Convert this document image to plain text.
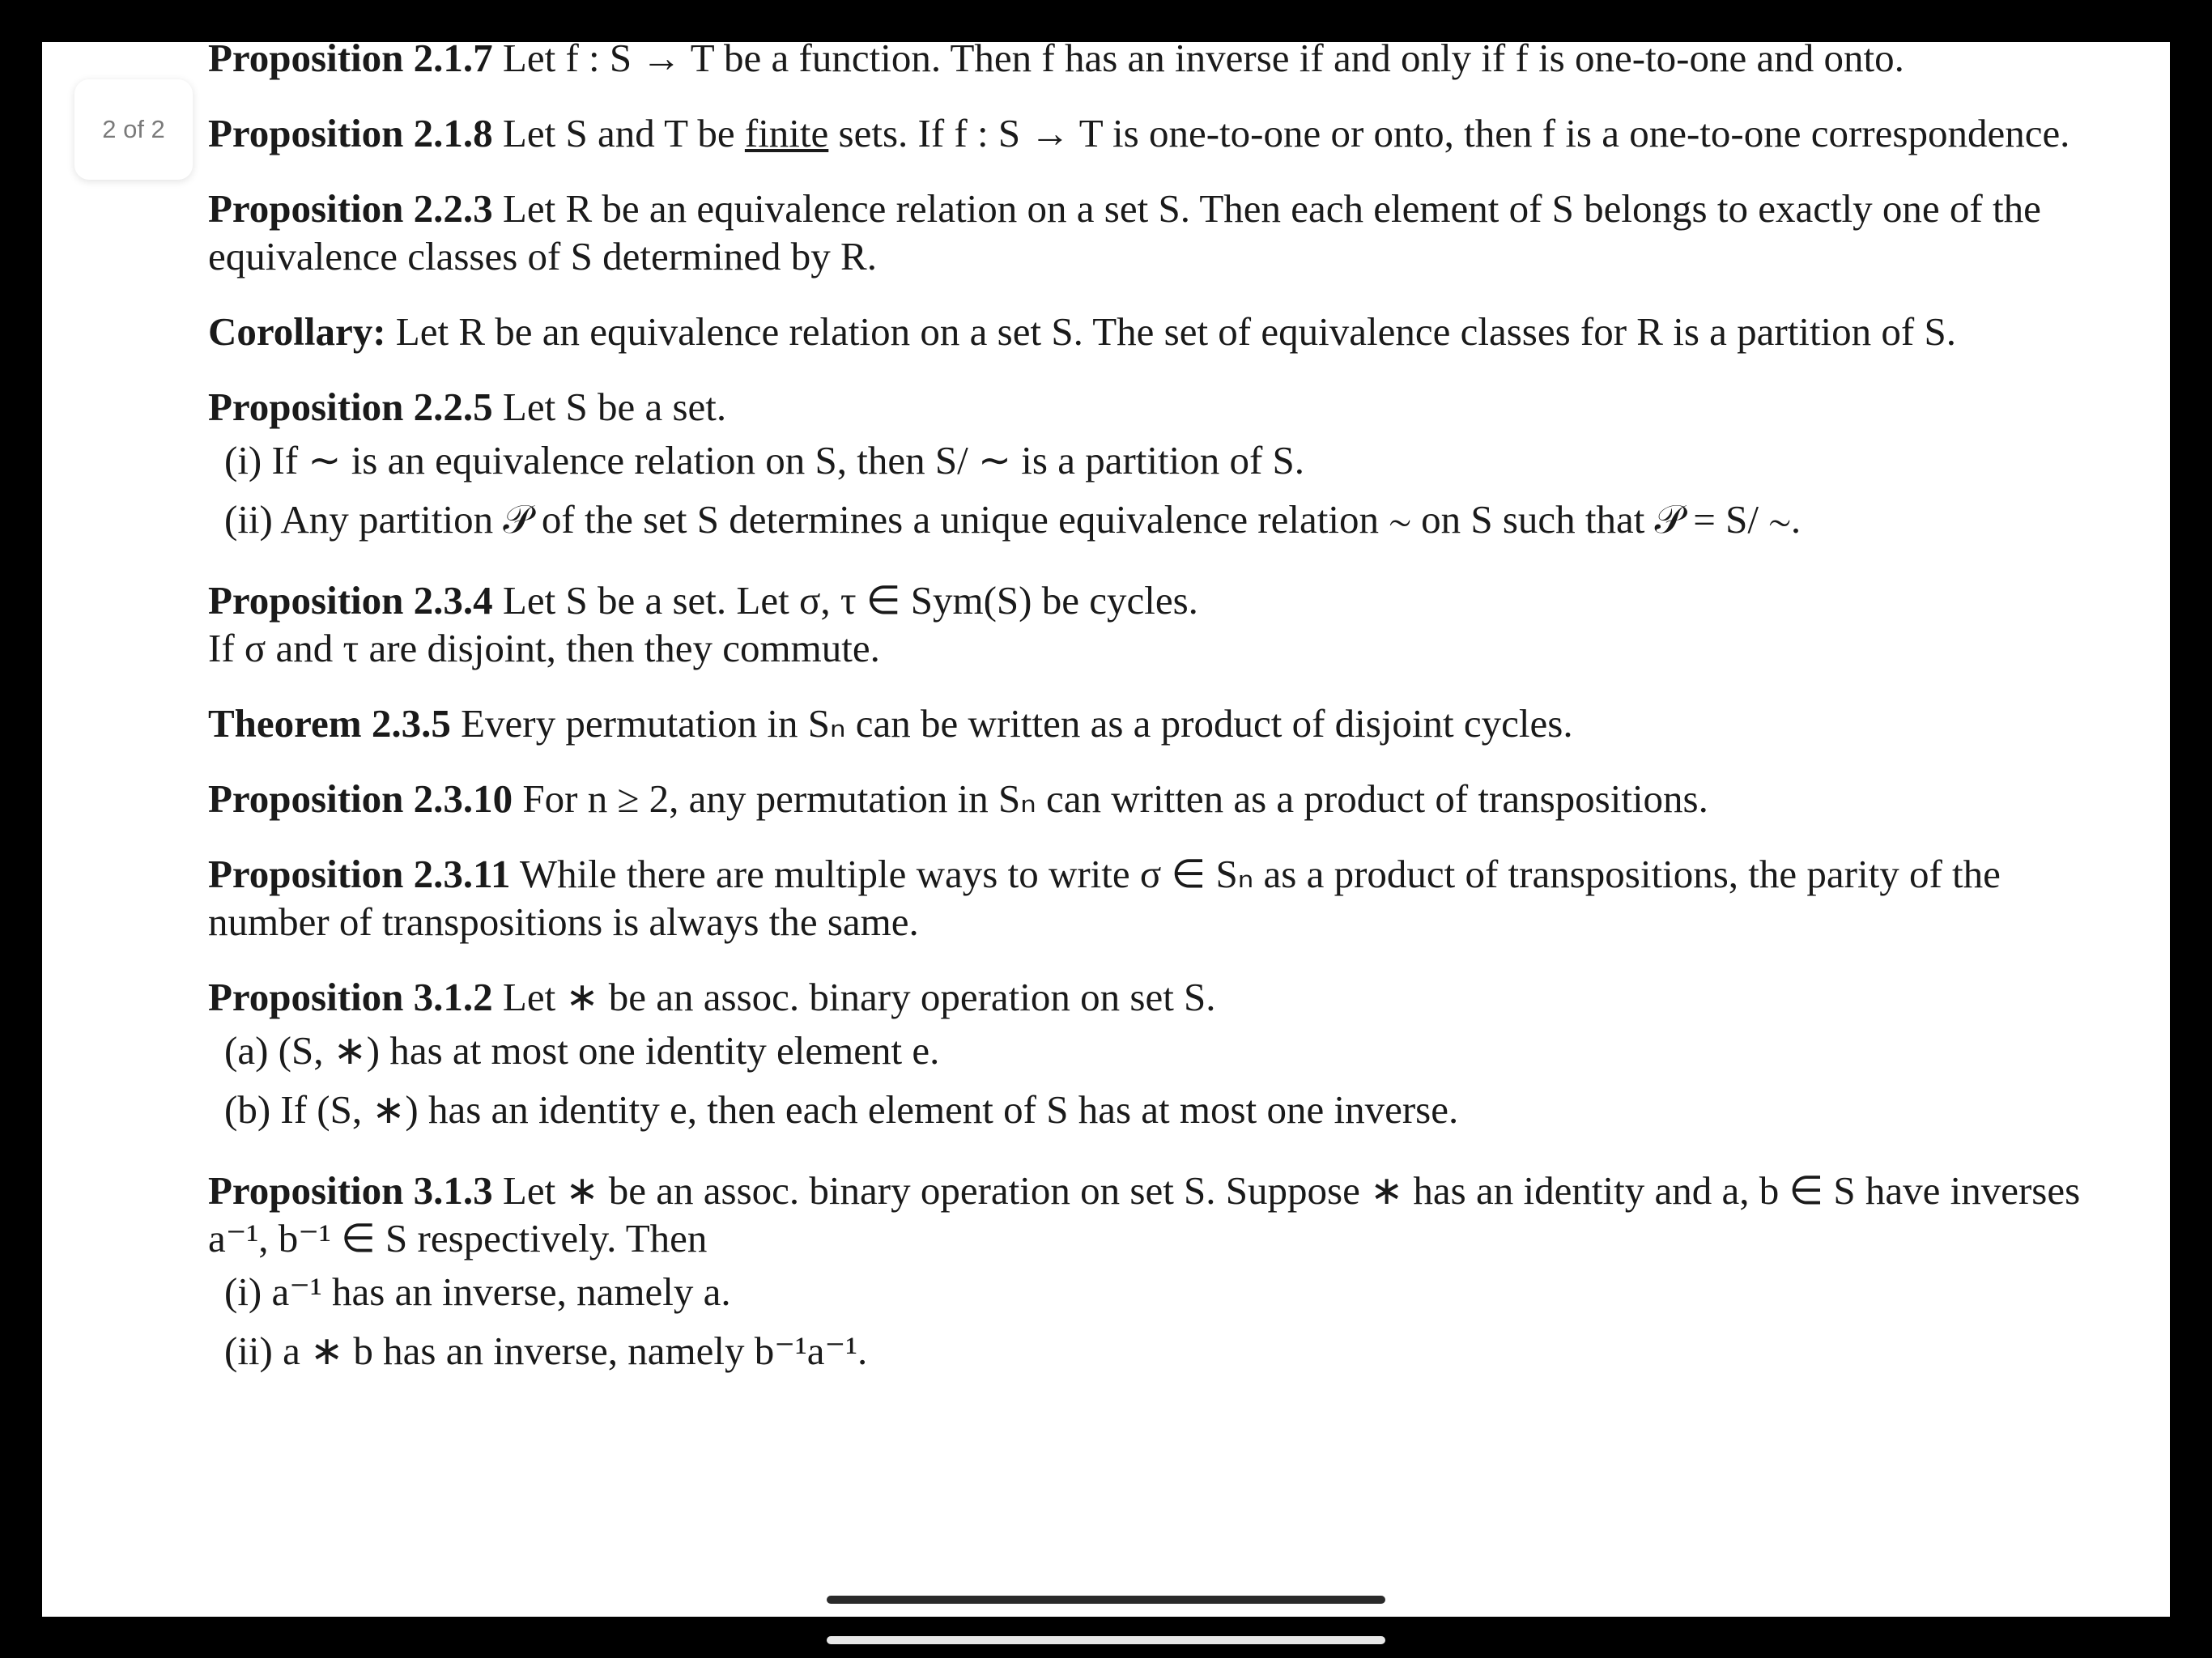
2 of 2
Proposition 2.1.7 Let f : S → T be a function. Then f has an inverse if and only if f is one-to-one and onto.
Proposition 2.1.8 Let S and T be finite sets. If f : S → T is one-to-one or onto, then f is a one-to-one correspondence.
Proposition 2.2.3 Let R be an equivalence relation on a set S. Then each element of S belongs to exactly one of the equivalence classes of S determined by R.
Corollary: Let R be an equivalence relation on a set S. The set of equivalence classes for R is a partition of S.
Proposition 2.2.5 Let S be a set.
(i) If ∼ is an equivalence relation on S, then S/ ∼ is a partition of S.
(ii) Any partition 𝒫 of the set S determines a unique equivalence relation ∼ on S such that 𝒫 = S/ ∼.
Proposition 2.3.4 Let S be a set. Let σ, τ ∈ Sym(S) be cycles.
If σ and τ are disjoint, then they commute.
Theorem 2.3.5 Every permutation in Sₙ can be written as a product of disjoint cycles.
Proposition 2.3.10 For n ≥ 2, any permutation in Sₙ can written as a product of transpositions.
Proposition 2.3.11 While there are multiple ways to write σ ∈ Sₙ as a product of transpositions, the parity of the number of transpositions is always the same.
Proposition 3.1.2 Let ∗ be an assoc. binary operation on set S.
(a) (S, ∗) has at most one identity element e.
(b) If (S, ∗) has an identity e, then each element of S has at most one inverse.
Proposition 3.1.3 Let ∗ be an assoc. binary operation on set S. Suppose ∗ has an identity and a, b ∈ S have inverses a⁻¹, b⁻¹ ∈ S respectively. Then
(i) a⁻¹ has an inverse, namely a.
(ii) a ∗ b has an inverse, namely b⁻¹a⁻¹.
